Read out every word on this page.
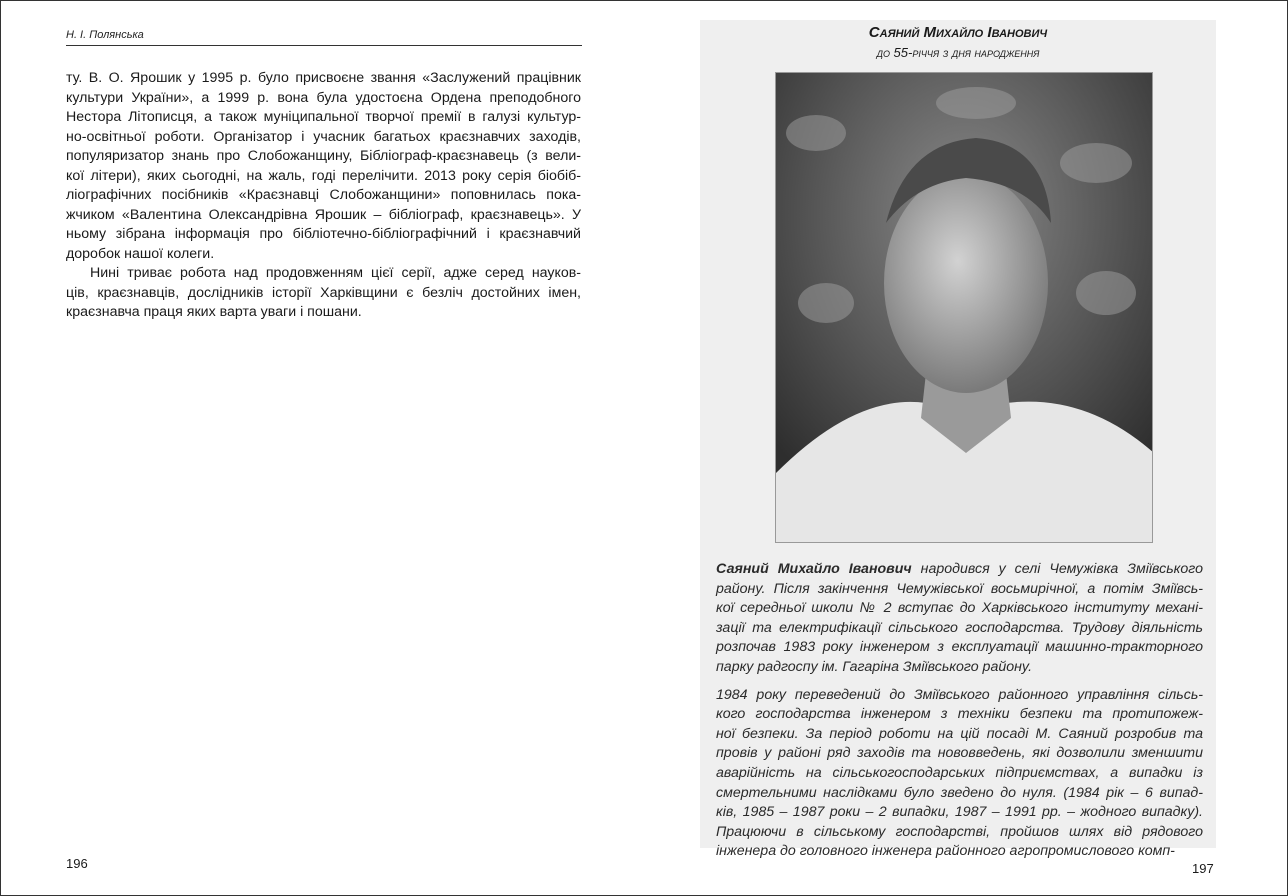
Н. І. Полянська
ту. В. О. Ярошик у 1995 р. було присвоєне звання «Заслужений працівник
культури України», а 1999 р. вона була удостоєна Ордена преподобного
Нестора Літописця, а також муніципальної творчої премії в галузі культур-
но-освітньої роботи. Організатор і учасник багатьох краєзнавчих заходів,
популяризатор знань про Слобожанщину, Бібліограф-краєзнавець (з вели-
кої літери), яких сьогодні, на жаль, годі перелічити. 2013 року серія біобіб-
ліографічних посібників «Краєзнавці Слобожанщини» поповнилась пока-
жчиком «Валентина Олександрівна Ярошик – бібліограф, краєзнавець». У
ньому зібрана інформація про бібліотечно-бібліографічний і краєзнавчий
доробок нашої колеги.
Нині триває робота над продовженням цієї серії, адже серед науков-
ців, краєзнавців, дослідників історії Харківщини є безліч достойних імен,
краєзнавча праця яких варта уваги і пошани.
196
Саяний Михайло Іванович
до 55-річчя з дня народження
Саяний Михайло Іванович народився у селі Чемужівка Зміївського
району. Після закінчення Чемужівської восьмирічної, а потім Зміївсь-
кої середньої школи № 2 вступає до Харківського інституту механі-
зації та електрифікації сільського господарства. Трудову діяльність
розпочав 1983 року інженером з експлуатації машинно-тракторного
парку радгоспу ім. Гагаріна Зміївського району.
1984 року переведений до Зміївського районного управління сільсь-
кого господарства інженером з техніки безпеки та протипожеж-
ної безпеки. За період роботи на цій посаді М. Саяний розробив та
провів у районі ряд заходів та нововведень, які дозволили зменшити
аварійність на сільськогосподарських підприємствах, а випадки із
смертельними наслідками було зведено до нуля. (1984 рік – 6 випад-
ків, 1985 – 1987 роки – 2 випадки, 1987 – 1991 рр. – жодного випадку).
Працюючи в сільському господарстві, пройшов шлях від рядового
інженера до головного інженера районного агропромислового комп-
197
